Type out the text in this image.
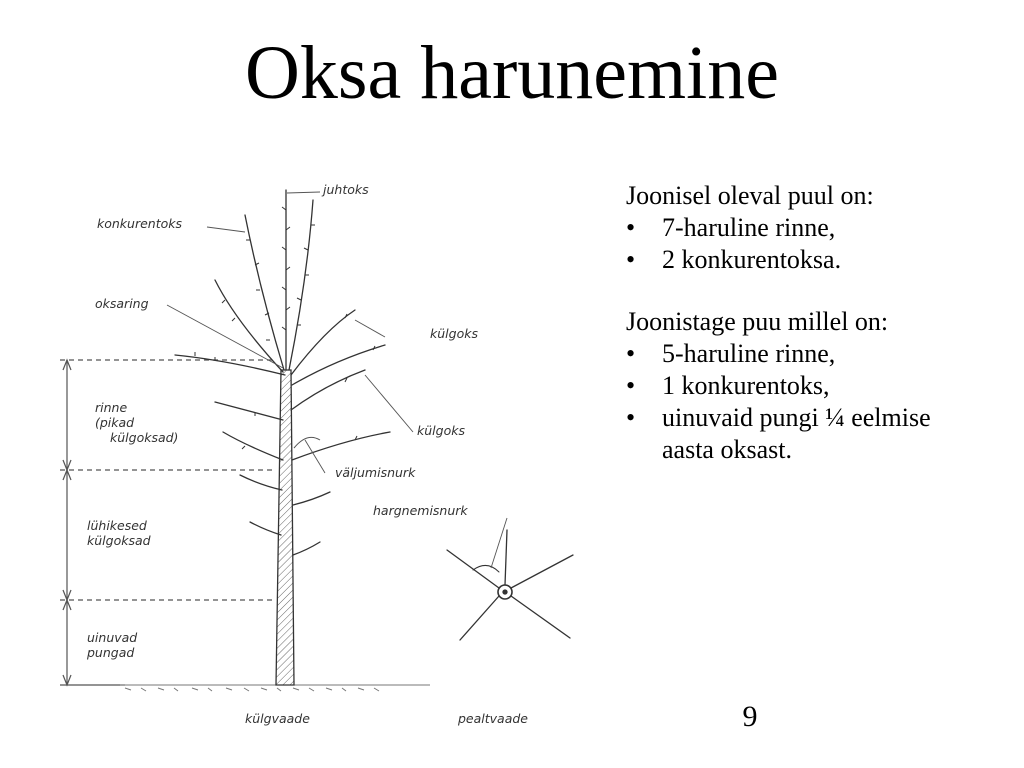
Oksa harunemine
juhtoks
konkurentoks
oksaring
külgoks
külgoks
rinne
(pikad
külgoksad)
väljumisnurk
lühikesed
külgoksad
hargnemisnurk
uinuvad
pungad
külgvaade	pealtvaade

Joonisel oleval puul on:

• 7-haruline rinne,
• 2 konkurentoksa.

Joonistage puu millel on:

• 5-haruline rinne,
• 1 konkurentoks,
• uinuvaid pungi ¼ eelmise aasta oksast.
9
